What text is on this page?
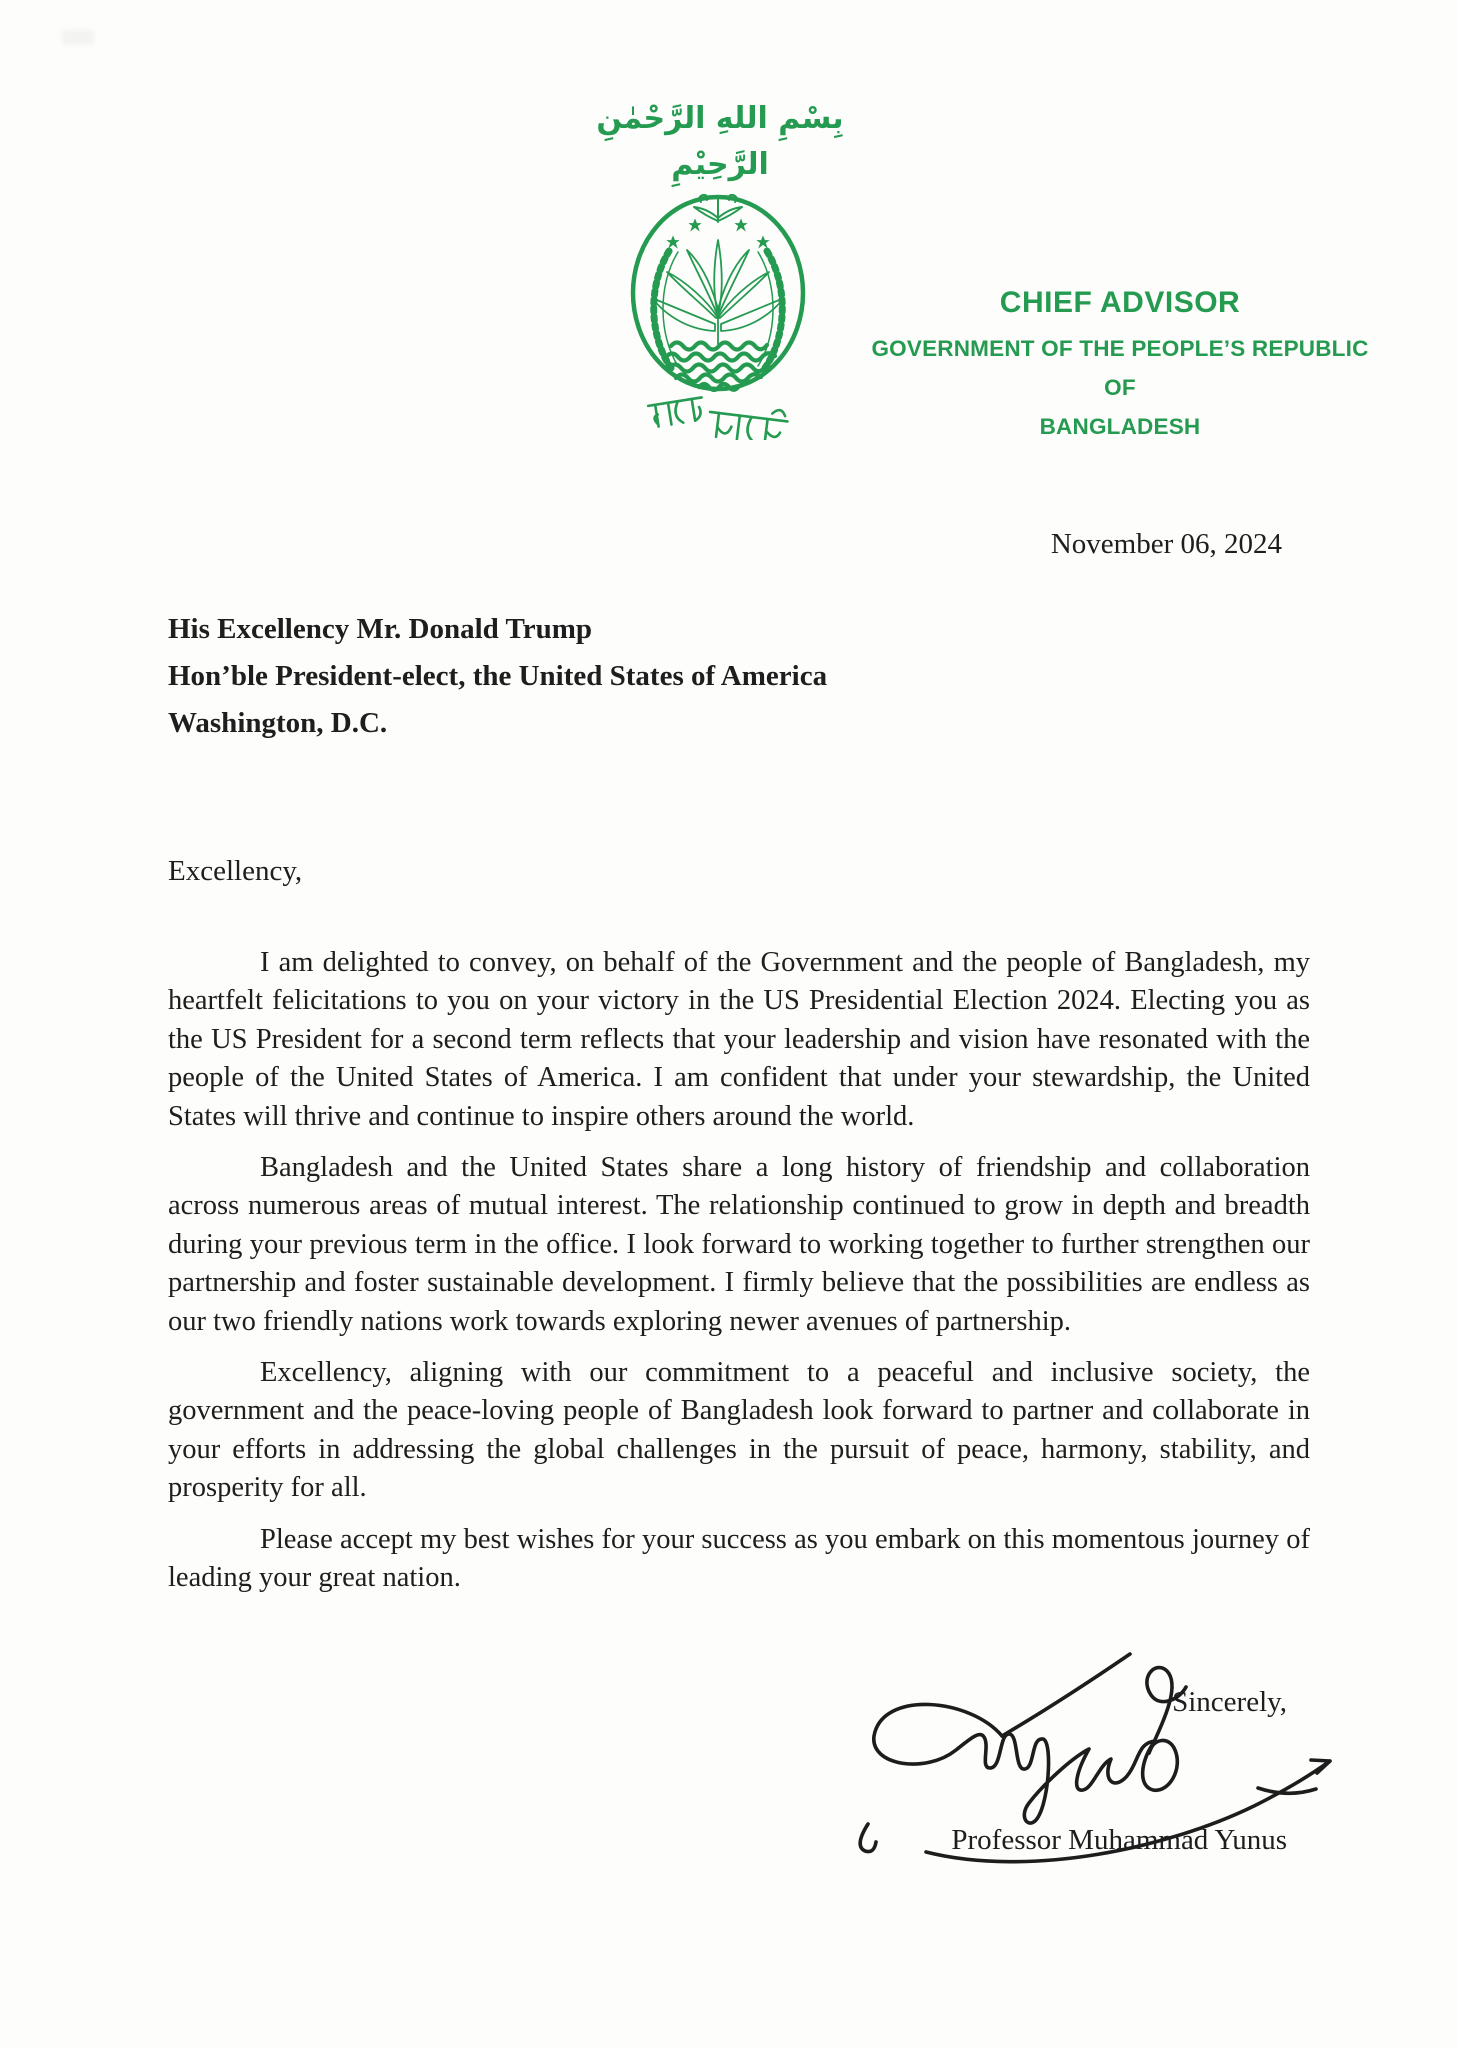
بِسْمِ اللهِ الرَّحْمٰنِ الرَّحِيْمِ
CHIEF ADVISOR
GOVERNMENT OF THE PEOPLE’S REPUBLIC OF
BANGLADESH
November 06, 2024
His Excellency Mr. Donald Trump
Hon’ble President-elect, the United States of America
Washington, D.C.
Excellency,

I am delighted to convey, on behalf of the Government and the people of Bangladesh, my heartfelt felicitations to you on your victory in the US Presidential Election 2024. Electing you as the US President for a second term reflects that your leadership and vision have resonated with the people of the United States of America. I am confident that under your stewardship, the United States will thrive and continue to inspire others around the world.

Bangladesh and the United States share a long history of friendship and collaboration across numerous areas of mutual interest. The relationship continued to grow in depth and breadth during your previous term in the office. I look forward to working together to further strengthen our partnership and foster sustainable development. I firmly believe that the possibilities are endless as our two friendly nations work towards exploring newer avenues of partnership.

Excellency, aligning with our commitment to a peaceful and inclusive society, the government and the peace-loving people of Bangladesh look forward to partner and collaborate in your efforts in addressing the global challenges in the pursuit of peace, harmony, stability, and prosperity for all.

Please accept my best wishes for your success as you embark on this momentous journey of leading your great nation.

Sincerely,
Professor Muhammad Yunus
